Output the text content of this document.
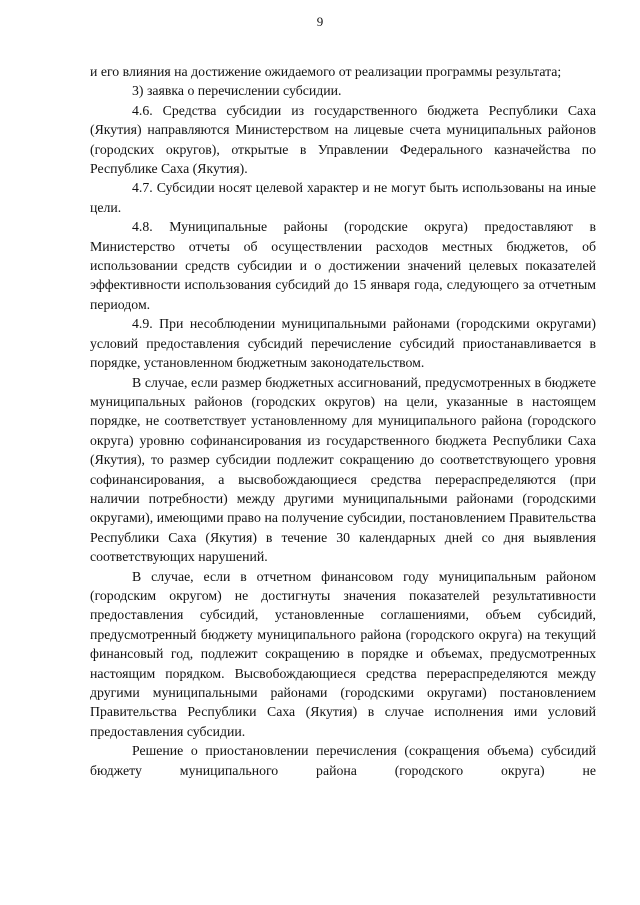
9

и его влияния на достижение ожидаемого от реализации программы результата;

3) заявка о перечислении субсидии.

4.6. Средства субсидии из государственного бюджета Республики Саха (Якутия) направляются Министерством на лицевые счета муниципальных районов (городских округов), открытые в Управлении Федерального казначейства по Республике Саха (Якутия).

4.7. Субсидии носят целевой характер и не могут быть использованы на иные цели.

4.8. Муниципальные районы (городские округа) предоставляют в Министерство отчеты об осуществлении расходов местных бюджетов, об использовании средств субсидии и о достижении значений целевых показателей эффективности использования субсидий до 15 января года, следующего за отчетным периодом.

4.9. При несоблюдении муниципальными районами (городскими округами) условий предоставления субсидий перечисление субсидий приостанавливается в порядке, установленном бюджетным законодательством.

В случае, если размер бюджетных ассигнований, предусмотренных в бюджете муниципальных районов (городских округов) на цели, указанные в настоящем порядке, не соответствует установленному для муниципального района (городского округа) уровню софинансирования из государственного бюджета Республики Саха (Якутия), то размер субсидии подлежит сокращению до соответствующего уровня софинансирования, а высвобождающиеся средства перераспределяются (при наличии потребности) между другими муниципальными районами (городскими округами), имеющими право на получение субсидии, постановлением Правительства Республики Саха (Якутия) в течение 30 календарных дней со дня выявления соответствующих нарушений.

В случае, если в отчетном финансовом году муниципальным районом (городским округом) не достигнуты значения показателей результативности предоставления субсидий, установленные соглашениями, объем субсидий, предусмотренный бюджету муниципального района (городского округа) на текущий финансовый год, подлежит сокращению в порядке и объемах, предусмотренных настоящим порядком. Высвобождающиеся средства перераспределяются между другими муниципальными районами (городскими округами) постановлением Правительства Республики Саха (Якутия) в случае исполнения ими условий предоставления субсидии.

Решение о приостановлении перечисления (сокращения объема) субсидий бюджету муниципального района (городского округа) не
